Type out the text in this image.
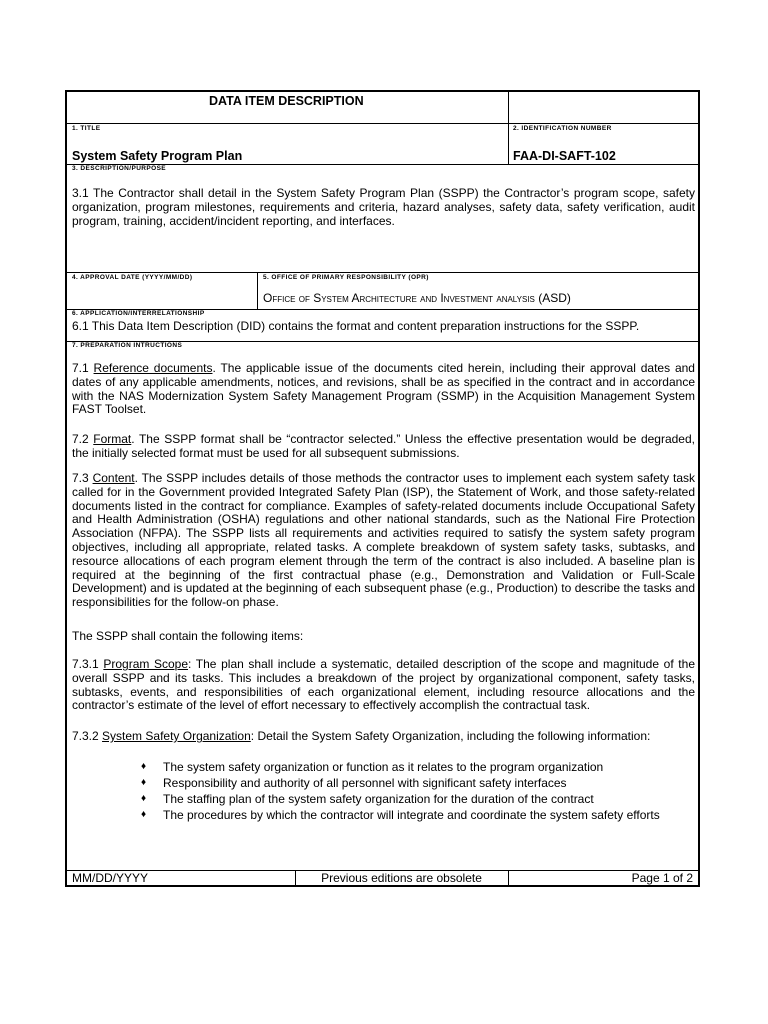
DATA ITEM DESCRIPTION
1. TITLE
System Safety Program Plan
2. IDENTIFICATION NUMBER
FAA-DI-SAFT-102
3. DESCRIPTION/PURPOSE
3.1 The Contractor shall detail in the System Safety Program Plan (SSPP) the Contractor’s program scope, safety organization, program milestones, requirements and criteria, hazard analyses, safety data, safety verification, audit program, training, accident/incident reporting, and interfaces.
4. APPROVAL DATE (YYYY/MM/DD)	5. OFFICE OF PRIMARY RESPONSIBILITY (OPR)
Office of System Architecture and Investment analysis (ASD)
6. APPLICATION/INTERRELATIONSHIP
6.1 This Data Item Description (DID) contains the format and content preparation instructions for the SSPP.
7. PREPARATION INTRUCTIONS
7.1 Reference documents. The applicable issue of the documents cited herein, including their approval dates and dates of any applicable amendments, notices, and revisions, shall be as specified in the contract and in accordance with the NAS Modernization System Safety Management Program (SSMP) in the Acquisition Management System FAST Toolset.
7.2 Format. The SSPP format shall be “contractor selected.” Unless the effective presentation would be degraded, the initially selected format must be used for all subsequent submissions.
7.3 Content. The SSPP includes details of those methods the contractor uses to implement each system safety task called for in the Government provided Integrated Safety Plan (ISP), the Statement of Work, and those safety-related documents listed in the contract for compliance. Examples of safety-related documents include Occupational Safety and Health Administration (OSHA) regulations and other national standards, such as the National Fire Protection Association (NFPA). The SSPP lists all requirements and activities required to satisfy the system safety program objectives, including all appropriate, related tasks. A complete breakdown of system safety tasks, subtasks, and resource allocations of each program element through the term of the contract is also included. A baseline plan is required at the beginning of the first contractual phase (e.g., Demonstration and Validation or Full-Scale Development) and is updated at the beginning of each subsequent phase (e.g., Production) to describe the tasks and responsibilities for the follow-on phase.
The SSPP shall contain the following items:
7.3.1 Program Scope: The plan shall include a systematic, detailed description of the scope and magnitude of the overall SSPP and its tasks. This includes a breakdown of the project by organizational component, safety tasks, subtasks, events, and responsibilities of each organizational element, including resource allocations and the contractor’s estimate of the level of effort necessary to effectively accomplish the contractual task.
7.3.2 System Safety Organization: Detail the System Safety Organization, including the following information:
♦ The system safety organization or function as it relates to the program organization
♦ Responsibility and authority of all personnel with significant safety interfaces
♦ The staffing plan of the system safety organization for the duration of the contract
♦ The procedures by which the contractor will integrate and coordinate the system safety efforts
MM/DD/YYYY	Previous editions are obsolete	Page 1 of 2
